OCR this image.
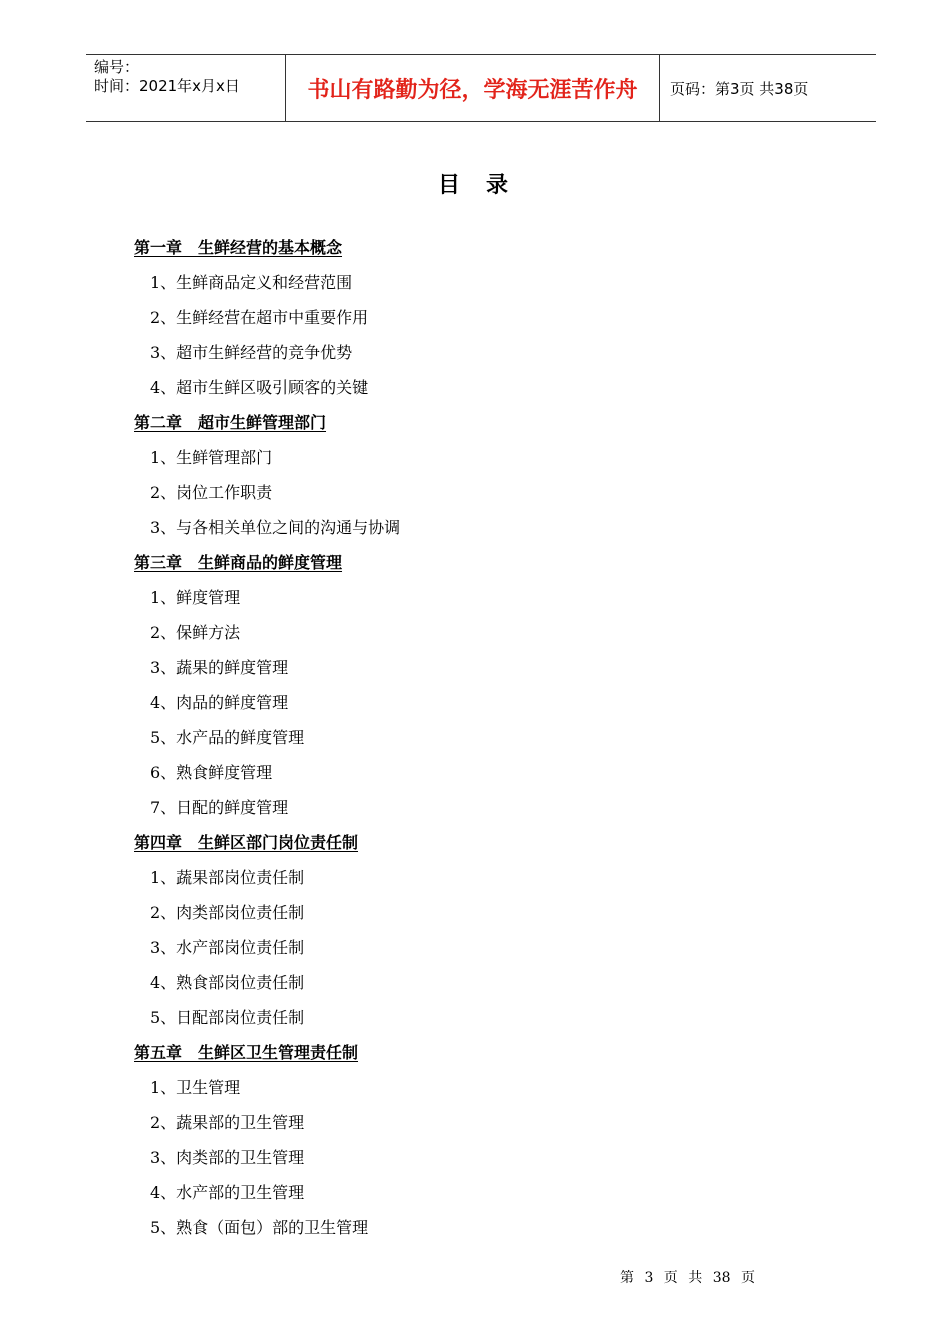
编号：
时间：2021年x月x日	书山有路勤为径，学海无涯苦作舟	页码：第3页 共38页
目录
第一章　生鲜经营的基本概念
1、生鲜商品定义和经营范围
2、生鲜经营在超市中重要作用
3、超市生鲜经营的竞争优势
4、超市生鲜区吸引顾客的关键
第二章　超市生鲜管理部门
1、生鲜管理部门
2、岗位工作职责
3、与各相关单位之间的沟通与协调
第三章　生鲜商品的鲜度管理
1、鲜度管理
2、保鲜方法
3、蔬果的鲜度管理
4、肉品的鲜度管理
5、水产品的鲜度管理
6、熟食鲜度管理
7、日配的鲜度管理
第四章　生鲜区部门岗位责任制
1、蔬果部岗位责任制
2、肉类部岗位责任制
3、水产部岗位责任制
4、熟食部岗位责任制
5、日配部岗位责任制
第五章　生鲜区卫生管理责任制
1、卫生管理
2、蔬果部的卫生管理
3、肉类部的卫生管理
4、水产部的卫生管理
5、熟食（面包）部的卫生管理
第 3 页 共 38 页
